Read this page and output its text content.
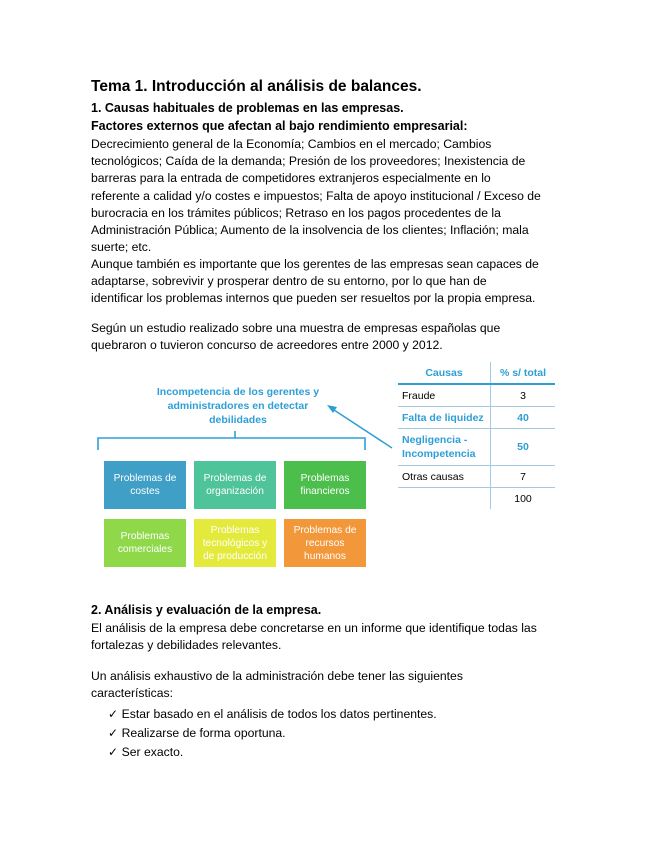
Tema 1. Introducción al análisis de balances.
1. Causas habituales de problemas en las empresas.
Factores externos que afectan al bajo rendimiento empresarial:
Decrecimiento general de la Economía; Cambios en el mercado; Cambios
tecnológicos; Caída de la demanda; Presión de los proveedores; Inexistencia de
barreras para la entrada de competidores extranjeros especialmente en lo
referente a calidad y/o costes e impuestos; Falta de apoyo institucional / Exceso de
burocracia en los trámites públicos; Retraso en los pagos procedentes de la
Administración Pública; Aumento de la insolvencia de los clientes; Inflación; mala
suerte; etc.
Aunque también es importante que los gerentes de las empresas sean capaces de
adaptarse, sobrevivir y prosperar dentro de su entorno, por lo que han de
identificar los problemas internos que pueden ser resueltos por la propia empresa.
Según un estudio realizado sobre una muestra de empresas españolas que
quebraron o tuvieron concurso de acreedores entre 2000 y 2012.
2. Análisis y evaluación de la empresa.
El análisis de la empresa debe concretarse en un informe que identifique todas las
fortalezas y debilidades relevantes.
Un análisis exhaustivo de la administración debe tener las siguientes
características:
Incompetencia de los gerentes y
administradores en detectar
debilidades
Problemas de
costes
Problemas de
organización
Problemas
financieros
Problemas
comerciales
Problemas
tecnológicos y
de producción
Problemas de
recursos
humanos
Causas	% s/ total
Fraude	3
Falta de liquidez	40
Negligencia - Incompetencia	50
Otras causas	7
	100
✓ Estar basado en el análisis de todos los datos pertinentes.
✓ Realizarse de forma oportuna.
✓ Ser exacto.
